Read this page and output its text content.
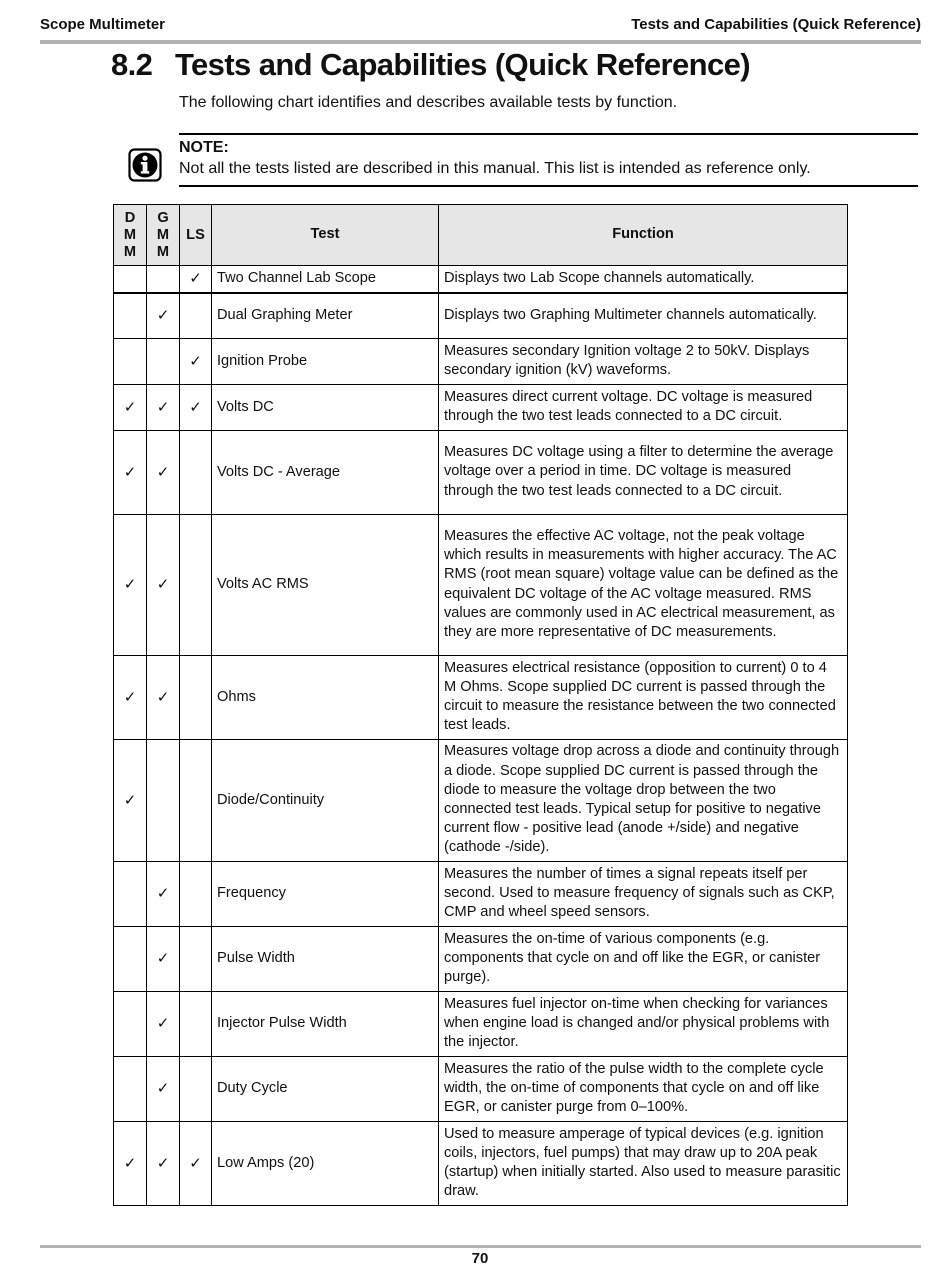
Scope Multimeter	Tests and Capabilities (Quick Reference)
8.2 Tests and Capabilities (Quick Reference)
The following chart identifies and describes available tests by function.
NOTE:
Not all the tests listed are described in this manual. This list is intended as reference only.
D
M
M	G
M
M	LS	Test	Function
		✓	Two Channel Lab Scope	Displays two Lab Scope channels automatically.
	✓		Dual Graphing Meter	Displays two Graphing Multimeter channels automatically.
		✓	Ignition Probe	Measures secondary Ignition voltage 2 to 50kV. Displays secondary ignition (kV) waveforms.
✓	✓	✓	Volts DC	Measures direct current voltage. DC voltage is measured through the two test leads connected to a DC circuit.
✓	✓		Volts DC - Average	Measures DC voltage using a filter to determine the average voltage over a period in time. DC voltage is measured through the two test leads connected to a DC circuit.
✓	✓		Volts AC RMS	Measures the effective AC voltage, not the peak voltage which results in measurements with higher accuracy. The AC RMS (root mean square) voltage value can be defined as the equivalent DC voltage of the AC voltage measured. RMS values are commonly used in AC electrical measurement, as they are more representative of DC measurements.
✓	✓		Ohms	Measures electrical resistance (opposition to current) 0 to 4 M Ohms. Scope supplied DC current is passed through the circuit to measure the resistance between the two connected test leads.
✓			Diode/Continuity	Measures voltage drop across a diode and continuity through a diode. Scope supplied DC current is passed through the diode to measure the voltage drop between the two connected test leads. Typical setup for positive to negative current flow - positive lead (anode +/side) and negative (cathode -/side).
	✓		Frequency	Measures the number of times a signal repeats itself per second. Used to measure frequency of signals such as CKP, CMP and wheel speed sensors.
	✓		Pulse Width	Measures the on-time of various components (e.g. components that cycle on and off like the EGR, or canister purge).
	✓		Injector Pulse Width	Measures fuel injector on-time when checking for variances when engine load is changed and/or physical problems with the injector.
	✓		Duty Cycle	Measures the ratio of the pulse width to the complete cycle width, the on-time of components that cycle on and off like EGR, or canister purge from 0–100%.
✓	✓	✓	Low Amps (20)	Used to measure amperage of typical devices (e.g. ignition coils, injectors, fuel pumps) that may draw up to 20A peak (startup) when initially started. Also used to measure parasitic draw.
70
